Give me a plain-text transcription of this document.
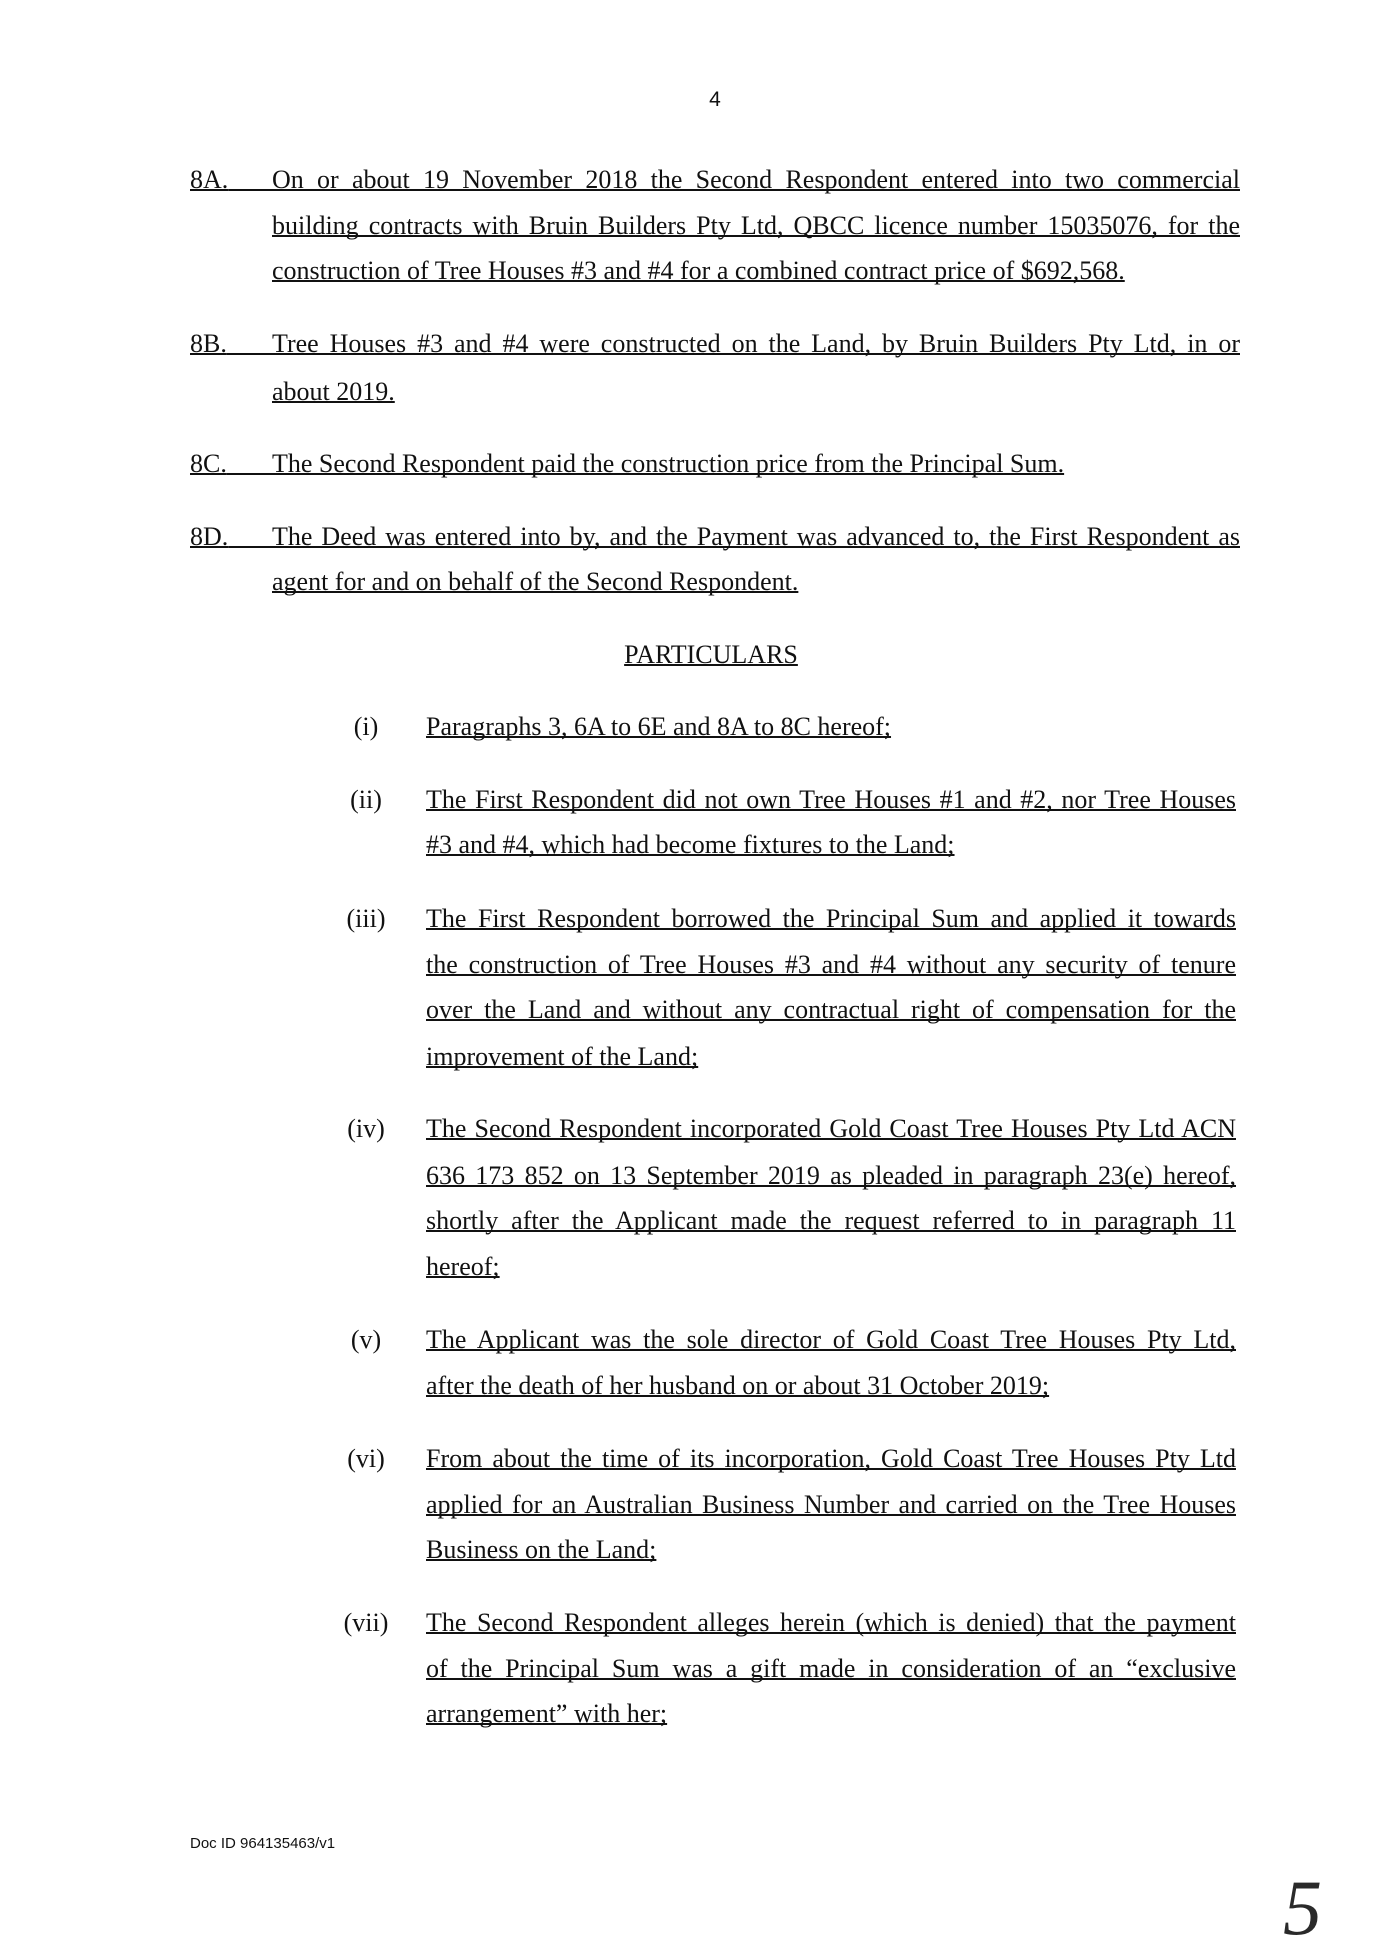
4
8A.	On or about 19 November 2018 the Second Respondent entered into two commercial
building contracts with Bruin Builders Pty Ltd, QBCC licence number 15035076, for the
construction of Tree Houses #3 and #4 for a combined contract price of $692,568.
8B.	Tree Houses #3 and #4 were constructed on the Land, by Bruin Builders Pty Ltd, in or
about 2019.
8C.	The Second Respondent paid the construction price from the Principal Sum.
8D.	The Deed was entered into by, and the Payment was advanced to, the First Respondent as
agent for and on behalf of the Second Respondent.
PARTICULARS
(i)	Paragraphs 3, 6A to 6E and 8A to 8C hereof;
(ii)	The First Respondent did not own Tree Houses #1 and #2, nor Tree Houses
#3 and #4, which had become fixtures to the Land;
(iii)	The First Respondent borrowed the Principal Sum and applied it towards
the construction of Tree Houses #3 and #4 without any security of tenure
over the Land and without any contractual right of compensation for the
improvement of the Land;
(iv)	The Second Respondent incorporated Gold Coast Tree Houses Pty Ltd ACN
636 173 852 on 13 September 2019 as pleaded in paragraph 23(e) hereof,
shortly after the Applicant made the request referred to in paragraph 11
hereof;
(v)	The Applicant was the sole director of Gold Coast Tree Houses Pty Ltd,
after the death of her husband on or about 31 October 2019;
(vi)	From about the time of its incorporation, Gold Coast Tree Houses Pty Ltd
applied for an Australian Business Number and carried on the Tree Houses
Business on the Land;
(vii)	The Second Respondent alleges herein (which is denied) that the payment
of the Principal Sum was a gift made in consideration of an “exclusive
arrangement” with her;
Doc ID 964135463/v1
5
